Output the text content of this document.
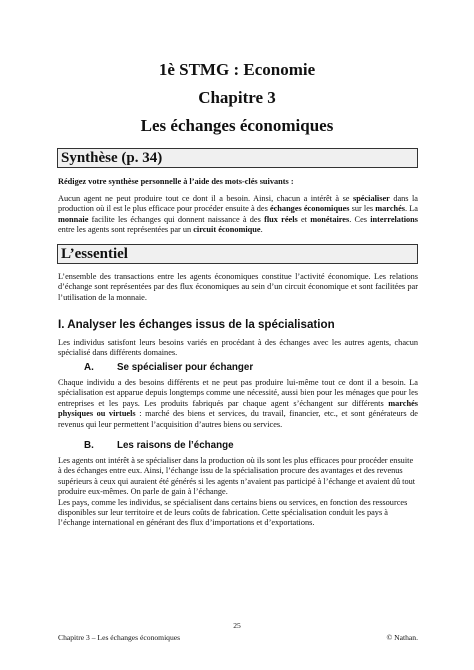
1è STMG : Economie
Chapitre 3
Les échanges économiques
Synthèse (p. 34)
Rédigez votre synthèse personnelle à l’aide des mots-clés suivants :

Aucun agent ne peut produire tout ce dont il a besoin. Ainsi, chacun a intérêt à se spécialiser dans la production où il est le plus efficace pour procéder ensuite à des échanges économiques sur les marchés. La monnaie facilite les échanges qui donnent naissance à des flux réels et monétaires. Ces interrelations entre les agents sont représentées par un circuit économique.

L’essentiel
L’ensemble des transactions entre les agents économiques constitue l’activité économique. Les relations d’échange sont représentées par des flux économiques au sein d’un circuit économique et sont facilitées par l’utilisation de la monnaie.
I. Analyser les échanges issus de la spécialisation
Les individus satisfont leurs besoins variés en procédant à des échanges avec les autres agents, chacun spécialisé dans différents domaines.
A. Se spécialiser pour échanger

Chaque individu a des besoins différents et ne peut pas produire lui-même tout ce dont il a besoin. La spécialisation est apparue depuis longtemps comme une nécessité, aussi bien pour les ménages que pour les entreprises et les pays. Les produits fabriqués par chaque agent s’échangent sur différents marchés physiques ou virtuels : marché des biens et services, du travail, financier, etc., et sont générateurs de revenus qui leur permettent l’acquisition d’autres biens ou services.

B. Les raisons de l’échange

Les agents ont intérêt à se spécialiser dans la production où ils sont les plus efficaces pour procéder ensuite à des échanges entre eux. Ainsi, l’échange issu de la spécialisation procure des avantages et des revenus supérieurs à ceux qui auraient été générés si les agents n’avaient pas participé à l’échange et avaient dû tout produire eux-mêmes. On parle de gain à l’échange.

Les pays, comme les individus, se spécialisent dans certains biens ou services, en fonction des ressources disponibles sur leur territoire et de leurs coûts de fabrication. Cette spécialisation conduit les pays à l’échange international en générant des flux d’importations et d’exportations.

25
Chapitre 3 – Les échanges économiques	© Nathan.
